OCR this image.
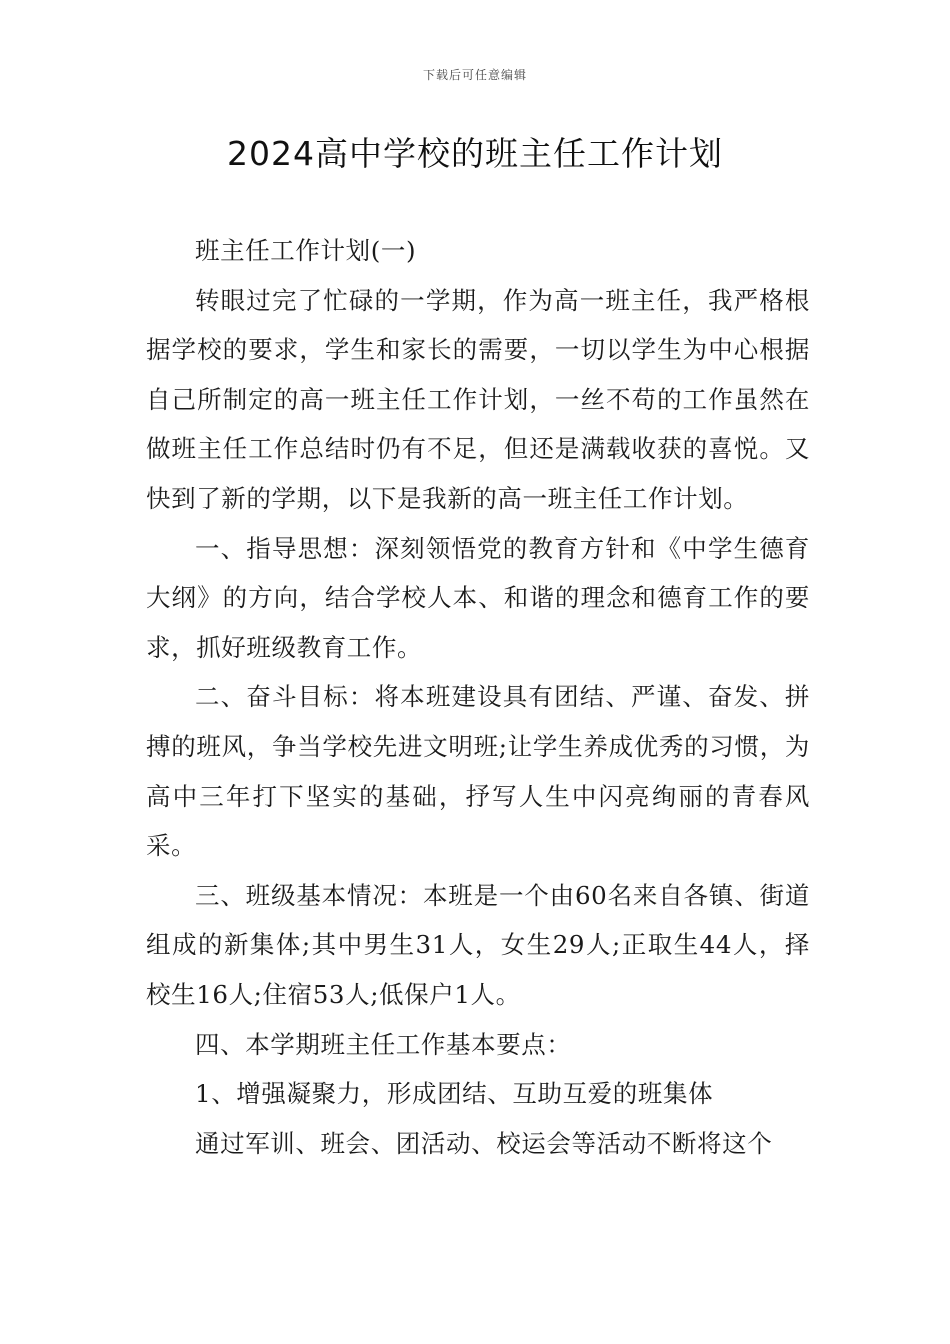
下载后可任意编辑
2024高中学校的班主任工作计划

班主任工作计划(一)

转眼过完了忙碌的一学期，作为高一班主任，我严格根据学校的要求，学生和家长的需要，一切以学生为中心根据自己所制定的高一班主任工作计划，一丝不苟的工作虽然在做班主任工作总结时仍有不足，但还是满载收获的喜悦。又快到了新的学期，以下是我新的高一班主任工作计划。

一、指导思想：深刻领悟党的教育方针和《中学生德育大纲》的方向，结合学校人本、和谐的理念和德育工作的要求，抓好班级教育工作。

二、奋斗目标：将本班建设具有团结、严谨、奋发、拼搏的班风，争当学校先进文明班;让学生养成优秀的习惯，为高中三年打下坚实的基础，抒写人生中闪亮绚丽的青春风采。

三、班级基本情况：本班是一个由60名来自各镇、街道组成的新集体;其中男生31人，女生29人;正取生44人，择校生16人;住宿53人;低保户1人。

四、本学期班主任工作基本要点：

1、增强凝聚力，形成团结、互助互爱的班集体

通过军训、班会、团活动、校运会等活动不断将这个
